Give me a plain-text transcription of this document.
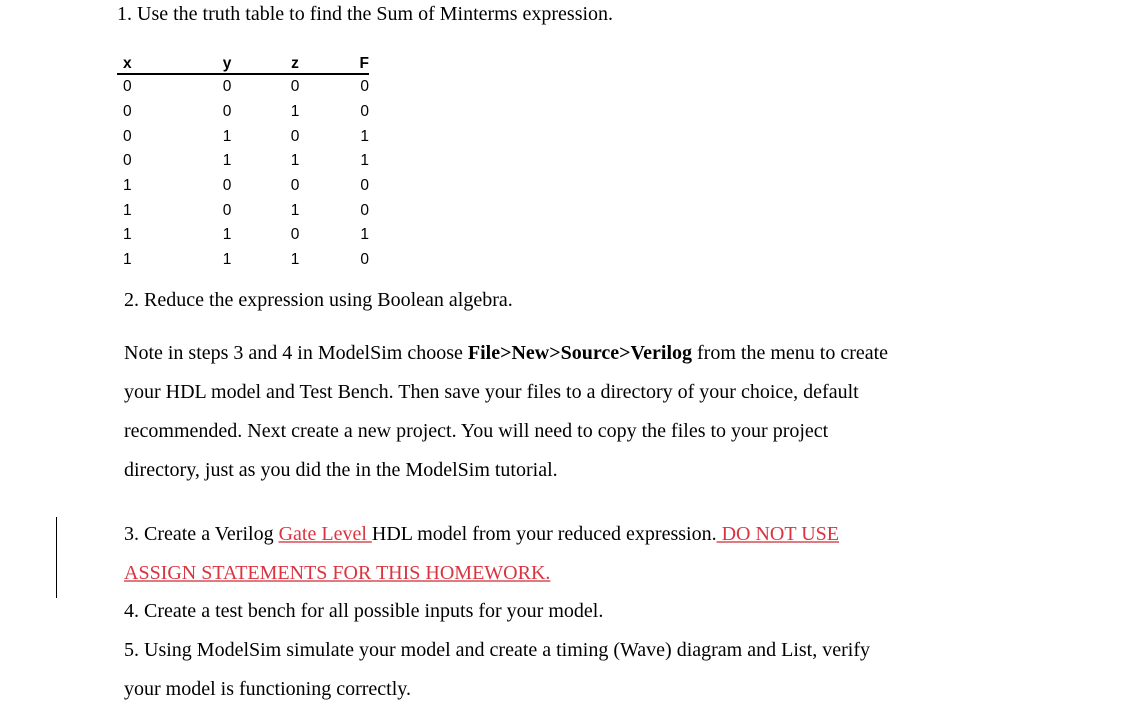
1. Use the truth table to find the Sum of Minterms expression.
x	y	z	F
0	0	0	0
0	0	1	0
0	1	0	1
0	1	1	1
1	0	0	0
1	0	1	0
1	1	0	1
1	1	1	0
2. Reduce the expression using Boolean algebra.
Note in steps 3 and 4 in ModelSim choose File>New>Source>Verilog from the menu to create
your HDL model and Test Bench. Then save your files to a directory of your choice, default
recommended. Next create a new project. You will need to copy the files to your project
directory, just as you did the in the ModelSim tutorial.
3. Create a Verilog Gate Level HDL model from your reduced expression. DO NOT USE
ASSIGN STATEMENTS FOR THIS HOMEWORK.
4. Create a test bench for all possible inputs for your model.
5. Using ModelSim simulate your model and create a timing (Wave) diagram and List, verify
your model is functioning correctly.
